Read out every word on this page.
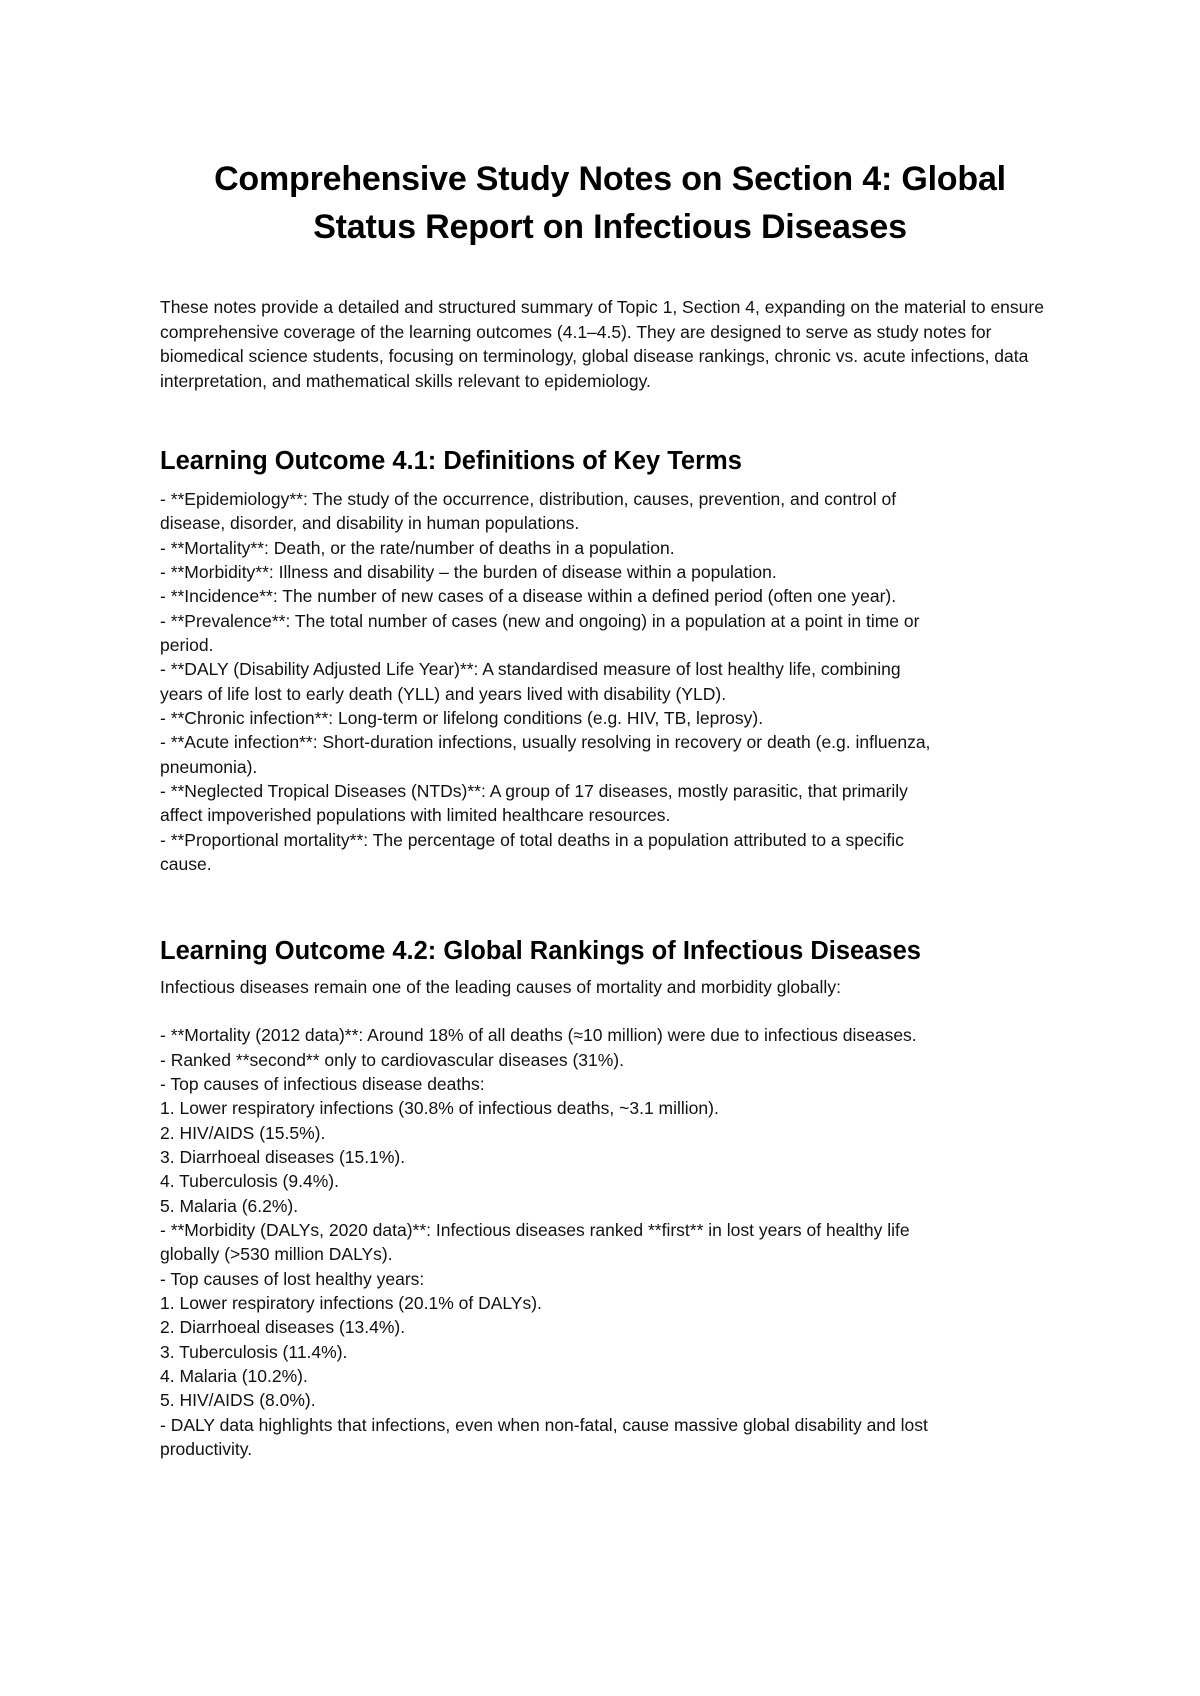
Comprehensive Study Notes on Section 4: Global
Status Report on Infectious Diseases

These notes provide a detailed and structured summary of Topic 1, Section 4, expanding on the material to ensure comprehensive coverage of the learning outcomes (4.1–4.5). They are designed to serve as study notes for biomedical science students, focusing on terminology, global disease rankings, chronic vs. acute infections, data interpretation, and mathematical skills relevant to epidemiology.

Learning Outcome 4.1: Definitions of Key Terms
- **Epidemiology**: The study of the occurrence, distribution, causes, prevention, and control of
disease, disorder, and disability in human populations.
- **Mortality**: Death, or the rate/number of deaths in a population.
- **Morbidity**: Illness and disability – the burden of disease within a population.
- **Incidence**: The number of new cases of a disease within a defined period (often one year).
- **Prevalence**: The total number of cases (new and ongoing) in a population at a point in time or
period.
- **DALY (Disability Adjusted Life Year)**: A standardised measure of lost healthy life, combining
years of life lost to early death (YLL) and years lived with disability (YLD).
- **Chronic infection**: Long-term or lifelong conditions (e.g. HIV, TB, leprosy).
- **Acute infection**: Short-duration infections, usually resolving in recovery or death (e.g. influenza,
pneumonia).
- **Neglected Tropical Diseases (NTDs)**: A group of 17 diseases, mostly parasitic, that primarily
affect impoverished populations with limited healthcare resources.
- **Proportional mortality**: The percentage of total deaths in a population attributed to a specific
cause.
Learning Outcome 4.2: Global Rankings of Infectious Diseases
Infectious diseases remain one of the leading causes of mortality and morbidity globally:
- **Mortality (2012 data)**: Around 18% of all deaths (≈10 million) were due to infectious diseases.
- Ranked **second** only to cardiovascular diseases (31%).
- Top causes of infectious disease deaths:
1. Lower respiratory infections (30.8% of infectious deaths, ~3.1 million).
2. HIV/AIDS (15.5%).
3. Diarrhoeal diseases (15.1%).
4. Tuberculosis (9.4%).
5. Malaria (6.2%).
- **Morbidity (DALYs, 2020 data)**: Infectious diseases ranked **first** in lost years of healthy life
globally (>530 million DALYs).
- Top causes of lost healthy years:
1. Lower respiratory infections (20.1% of DALYs).
2. Diarrhoeal diseases (13.4%).
3. Tuberculosis (11.4%).
4. Malaria (10.2%).
5. HIV/AIDS (8.0%).
- DALY data highlights that infections, even when non-fatal, cause massive global disability and lost
productivity.
